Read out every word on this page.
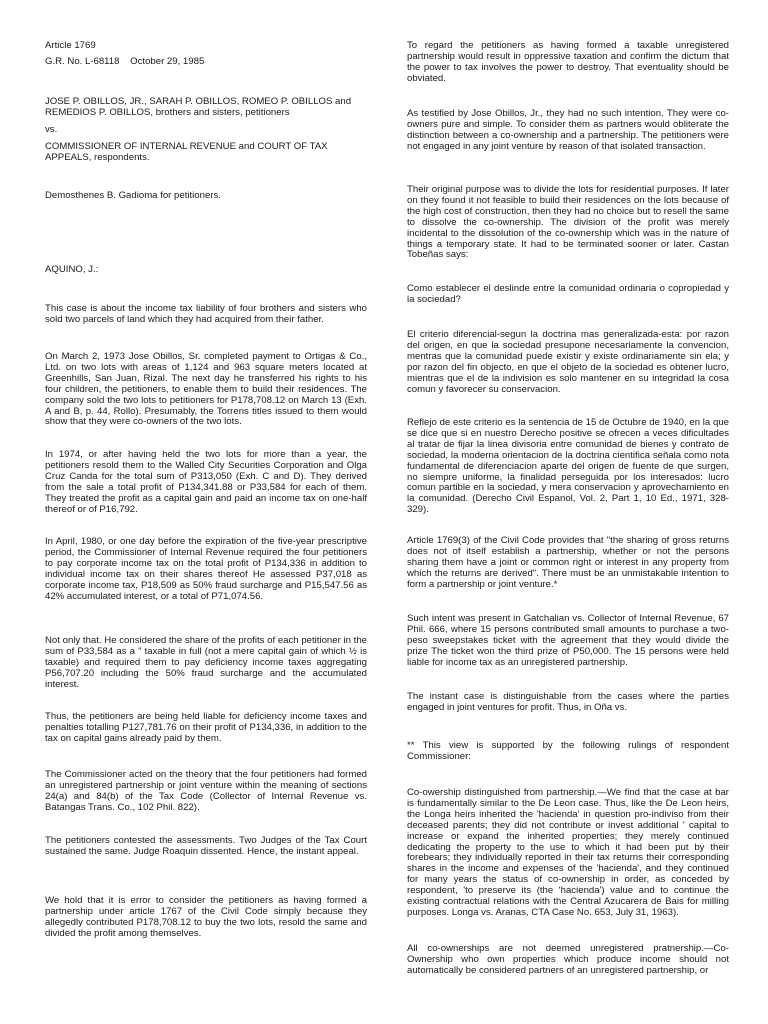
Article 1769

G.R. No. L-68118    October 29, 1985

JOSE P. OBILLOS, JR., SARAH P. OBILLOS, ROMEO P. OBILLOS and REMEDIOS P. OBILLOS, brothers and sisters, petitioners

vs.

COMMISSIONER OF INTERNAL REVENUE and COURT OF TAX APPEALS, respondents.

Demosthenes B. Gadioma for petitioners.

AQUINO, J.:

This case is about the income tax liability of four brothers and sisters who sold two parcels of land which they had acquired from their father.

On March 2, 1973 Jose Obillos, Sr. completed payment to Ortigas & Co., Ltd. on two lots with areas of 1,124 and 963 square meters located at Greenhills, San Juan, Rizal. The next day he transferred his rights to his four children, the petitioners, to enable them to build their residences. The company sold the two lots to petitioners for P178,708.12 on March 13 (Exh. A and B, p. 44, Rollo). Presumably, the Torrens titles issued to them would show that they were co-owners of the two lots.

In 1974, or after having held the two lots for more than a year, the petitioners resold them to the Walled City Securities Corporation and Olga Cruz Canda for the total sum of P313,050 (Exh. C and D). They derived from the sale a total profit of P134,341.88 or P33,584 for each of them. They treated the profit as a capital gain and paid an income tax on one-half thereof or of P16,792.

In April, 1980, or one day before the expiration of the five-year prescriptive period, the Commissioner of Internal Revenue required the four petitioners to pay corporate income tax on the total profit of P134,336 in addition to individual income tax on their shares thereof He assessed P37,018 as corporate income tax, P18,509 as 50% fraud surcharge and P15,547.56 as 42% accumulated interest, or a total of P71,074.56.

Not only that. He considered the share of the profits of each petitioner in the sum of P33,584 as a " taxable in full (not a mere capital gain of which ½ is taxable) and required them to pay deficiency income taxes aggregating P56,707.20 including the 50% fraud surcharge and the accumulated interest.

Thus, the petitioners are being held liable for deficiency income taxes and penalties totalling P127,781.76 on their profit of P134,336, in addition to the tax on capital gains already paid by them.

The Commissioner acted on the theory that the four petitioners had formed an unregistered partnership or joint venture within the meaning of sections 24(a) and 84(b) of the Tax Code (Collector of Internal Revenue vs. Batangas Trans. Co., 102 Phil. 822).

The petitioners contested the assessments. Two Judges of the Tax Court sustained the same. Judge Roaquin dissented. Hence, the instant appeal.

We hold that it is error to consider the petitioners as having formed a partnership under article 1767 of the Civil Code simply because they allegedly contributed P178,708.12 to buy the two lots, resold the same and divided the profit among themselves.

To regard the petitioners as having formed a taxable unregistered partnership would result in oppressive taxation and confirm the dictum that the power to tax involves the power to destroy. That eventuality should be obviated.

As testified by Jose Obillos, Jr., they had no such intention. They were co-owners pure and simple. To consider them as partners would obliterate the distinction between a co-ownership and a partnership. The petitioners were not engaged in any joint venture by reason of that isolated transaction.

Their original purpose was to divide the lots for residential purposes. If later on they found it not feasible to build their residences on the lots because of the high cost of construction, then they had no choice but to resell the same to dissolve the co-ownership. The division of the profit was merely incidental to the dissolution of the co-ownership which was in the nature of things a temporary state. It had to be terminated sooner or later. Castan Tobeñas says:

Como establecer el deslinde entre la comunidad ordinaria o copropiedad y la sociedad?

El criterio diferencial-segun la doctrina mas generalizada-esta: por razon del origen, en que la sociedad presupone necesariamente la convencion, mentras que la comunidad puede existir y existe ordinariamente sin ela; y por razon del fin objecto, en que el objeto de la sociedad es obtener lucro, mientras que el de la indivision es solo mantener en su integridad la cosa comun y favorecer su conservacion.

Reflejo de este criterio es la sentencia de 15 de Octubre de 1940, en la que se dice que si en nuestro Derecho positive se ofrecen a veces dificultades al tratar de fijar la linea divisoria entre comunidad de bienes y contrato de sociedad, la moderna orientacion de la doctrina cientifica señala como nota fundamental de diferenciacion aparte del origen de fuente de que surgen, no siempre uniforme, la finalidad perseguida por los interesados: lucro comun partible en la sociedad, y mera conservacion y aprovechamiento en la comunidad. (Derecho Civil Espanol, Vol. 2, Part 1, 10 Ed., 1971, 328- 329).

Article 1769(3) of the Civil Code provides that "the sharing of gross returns does not of itself establish a partnership, whether or not the persons sharing them have a joint or common right or interest in any property from which the returns are derived". There must be an unmistakable intention to form a partnership or joint venture.*

Such intent was present in Gatchalian vs. Collector of Internal Revenue, 67 Phil. 666, where 15 persons contributed small amounts to purchase a two-peso sweepstakes ticket with the agreement that they would divide the prize The ticket won the third prize of P50,000. The 15 persons were held liable for income tax as an unregistered partnership.

The instant case is distinguishable from the cases where the parties engaged in joint ventures for profit. Thus, in Oña vs.

** This view is supported by the following rulings of respondent Commissioner:

Co-owership distinguished from partnership.—We find that the case at bar is fundamentally similar to the De Leon case. Thus, like the De Leon heirs, the Longa heirs inherited the 'hacienda' in question pro-indiviso from their deceased parents; they did not contribute or invest additional ' capital to increase or expand the inherited properties; they merely continued dedicating the property to the use to which it had been put by their forebears; they individually reported in their tax returns their corresponding shares in the income and expenses of the 'hacienda', and they continued for many years the status of co-ownership in order, as conceded by respondent, 'to preserve its (the 'hacienda') value and to continue the existing contractual relations with the Central Azucarera de Bais for milling purposes. Longa vs. Aranas, CTA Case No. 653, July 31, 1963).

All co-ownerships are not deemed unregistered pratnership.—Co-Ownership who own properties which produce income should not automatically be considered partners of an unregistered partnership, or
